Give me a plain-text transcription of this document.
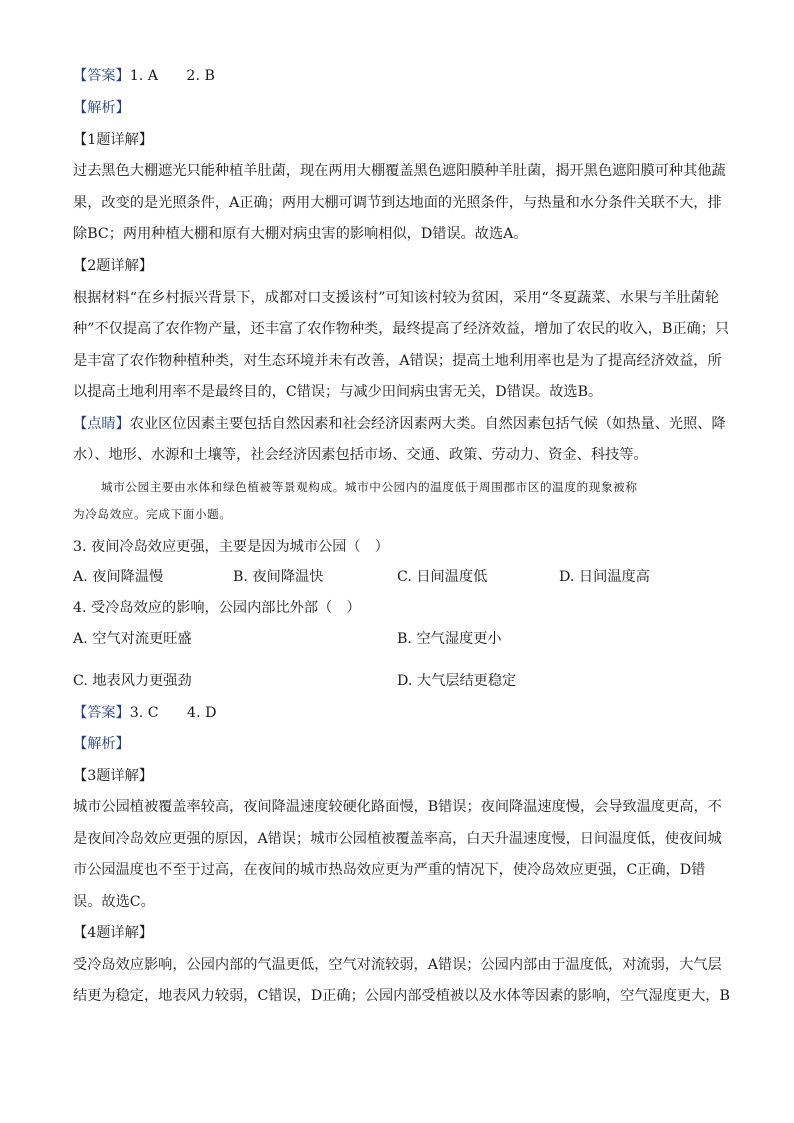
【答案】1. A　　2. B
【解析】
【1题详解】
过去黑色大棚遮光只能种植羊肚菌，现在两用大棚覆盖黑色遮阳膜种羊肚菌，揭开黑色遮阳膜可种其他蔬
果，改变的是光照条件，A正确；两用大棚可调节到达地面的光照条件，与热量和水分条件关联不大，排
除BC；两用种植大棚和原有大棚对病虫害的影响相似，D错误。故选A。
【2题详解】
根据材料“在乡村振兴背景下，成都对口支援该村”可知该村较为贫困，采用“冬夏蔬菜、水果与羊肚菌轮
种”不仅提高了农作物产量，还丰富了农作物种类，最终提高了经济效益，增加了农民的收入，B正确；只
是丰富了农作物种植种类，对生态环境并未有改善，A错误；提高土地利用率也是为了提高经济效益，所
以提高土地利用率不是最终目的，C错误；与减少田间病虫害无关，D错误。故选B。
【点睛】农业区位因素主要包括自然因素和社会经济因素两大类。自然因素包括气候（如热量、光照、降
水）、地形、水源和土壤等，社会经济因素包括市场、交通、政策、劳动力、资金、科技等。
城市公园主要由水体和绿色植被等景观构成。城市中公园内的温度低于周围郡市区的温度的现象被称
为冷岛效应。完成下面小题。
3. 夜间冷岛效应更强，主要是因为城市公园（　）
A. 夜间降温慢	B. 夜间降温快	C. 日间温度低	D. 日间温度高
4. 受冷岛效应的影响，公园内部比外部（　）
A. 空气对流更旺盛	B. 空气湿度更小
C. 地表风力更强劲	D. 大气层结更稳定
【答案】3. C　　4. D
【解析】
【3题详解】
城市公园植被覆盖率较高，夜间降温速度较硬化路面慢，B错误；夜间降温速度慢，会导致温度更高，不
是夜间冷岛效应更强的原因，A错误；城市公园植被覆盖率高，白天升温速度慢，日间温度低，使夜间城
市公园温度也不至于过高，在夜间的城市热岛效应更为严重的情况下，使冷岛效应更强，C正确，D错
误。故选C。
【4题详解】
受冷岛效应影响，公园内部的气温更低，空气对流较弱，A错误；公园内部由于温度低，对流弱，大气层
结更为稳定，地表风力较弱，C错误，D正确；公园内部受植被以及水体等因素的影响，空气湿度更大，B
